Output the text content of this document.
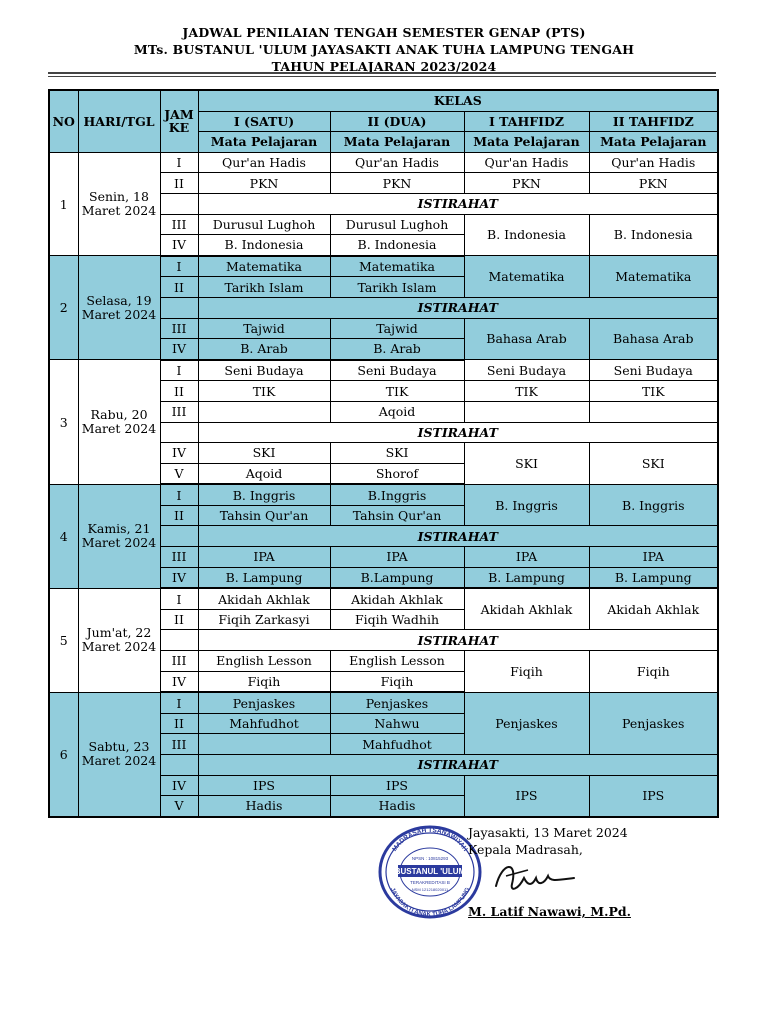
JADWAL PENILAIAN TENGAH SEMESTER GENAP (PTS)
MTs. BUSTANUL 'ULUM JAYASAKTI ANAK TUHA LAMPUNG TENGAH
TAHUN PELAJARAN 2023/2024
NO	HARI/TGL	JAM KE	KELAS			
			I (SATU)	II (DUA)	I TAHFIDZ	II TAHFIDZ
			Mata Pelajaran	Mata Pelajaran	Mata Pelajaran	Mata Pelajaran
1	Senin, 18 Maret 2024	I	Qur'an Hadis	Qur'an Hadis	Qur'an Hadis	Qur'an Hadis
		II	PKN	PKN	PKN	PKN
			ISTIRAHAT			
		III	Durusul Lughoh	Durusul Lughoh	B. Indonesia	B. Indonesia
		IV	B. Indonesia	B. Indonesia		
2	Selasa, 19 Maret 2024	I	Matematika	Matematika	Matematika	Matematika
		II	Tarikh Islam	Tarikh Islam		
			ISTIRAHAT			
		III	Tajwid	Tajwid	Bahasa Arab	Bahasa Arab
		IV	B. Arab	B. Arab		
3	Rabu, 20 Maret 2024	I	Seni Budaya	Seni Budaya	Seni Budaya	Seni Budaya
		II	TIK	TIK	TIK	TIK
		III		Aqoid		
			ISTIRAHAT			
		IV	SKI	SKI	SKI	SKI
		V	Aqoid	Shorof		
4	Kamis, 21 Maret 2024	I	B. Inggris	B.Inggris	B. Inggris	B. Inggris
		II	Tahsin Qur'an	Tahsin Qur'an		
			ISTIRAHAT			
		III	IPA	IPA	IPA	IPA
		IV	B. Lampung	B.Lampung	B. Lampung	B. Lampung
5	Jum'at, 22 Maret 2024	I	Akidah Akhlak	Akidah Akhlak	Akidah Akhlak	Akidah Akhlak
		II	Fiqih Zarkasyi	Fiqih Wadhih		
			ISTIRAHAT			
		III	English Lesson	English Lesson	Fiqih	Fiqih
		IV	Fiqih	Fiqih		
6	Sabtu, 23 Maret 2024	I	Penjaskes	Penjaskes	Penjaskes	Penjaskes
		II	Mahfudhot	Nahwu		
		III		Mahfudhot		
			ISTIRAHAT			
		IV	IPS	IPS	IPS	IPS
		V	Hadis	Hadis		
MADRASAH TSANAWIYAH
JAYASAKTI ANAK TUHA LAMPUNG
NPSN : 10815293
BUSTANUL 'ULUM
TERAKREDITASI B
NSM 121218020011
Jayasakti, 13 Maret 2024
Kepala Madrasah,
M. Latif Nawawi, M.Pd.
